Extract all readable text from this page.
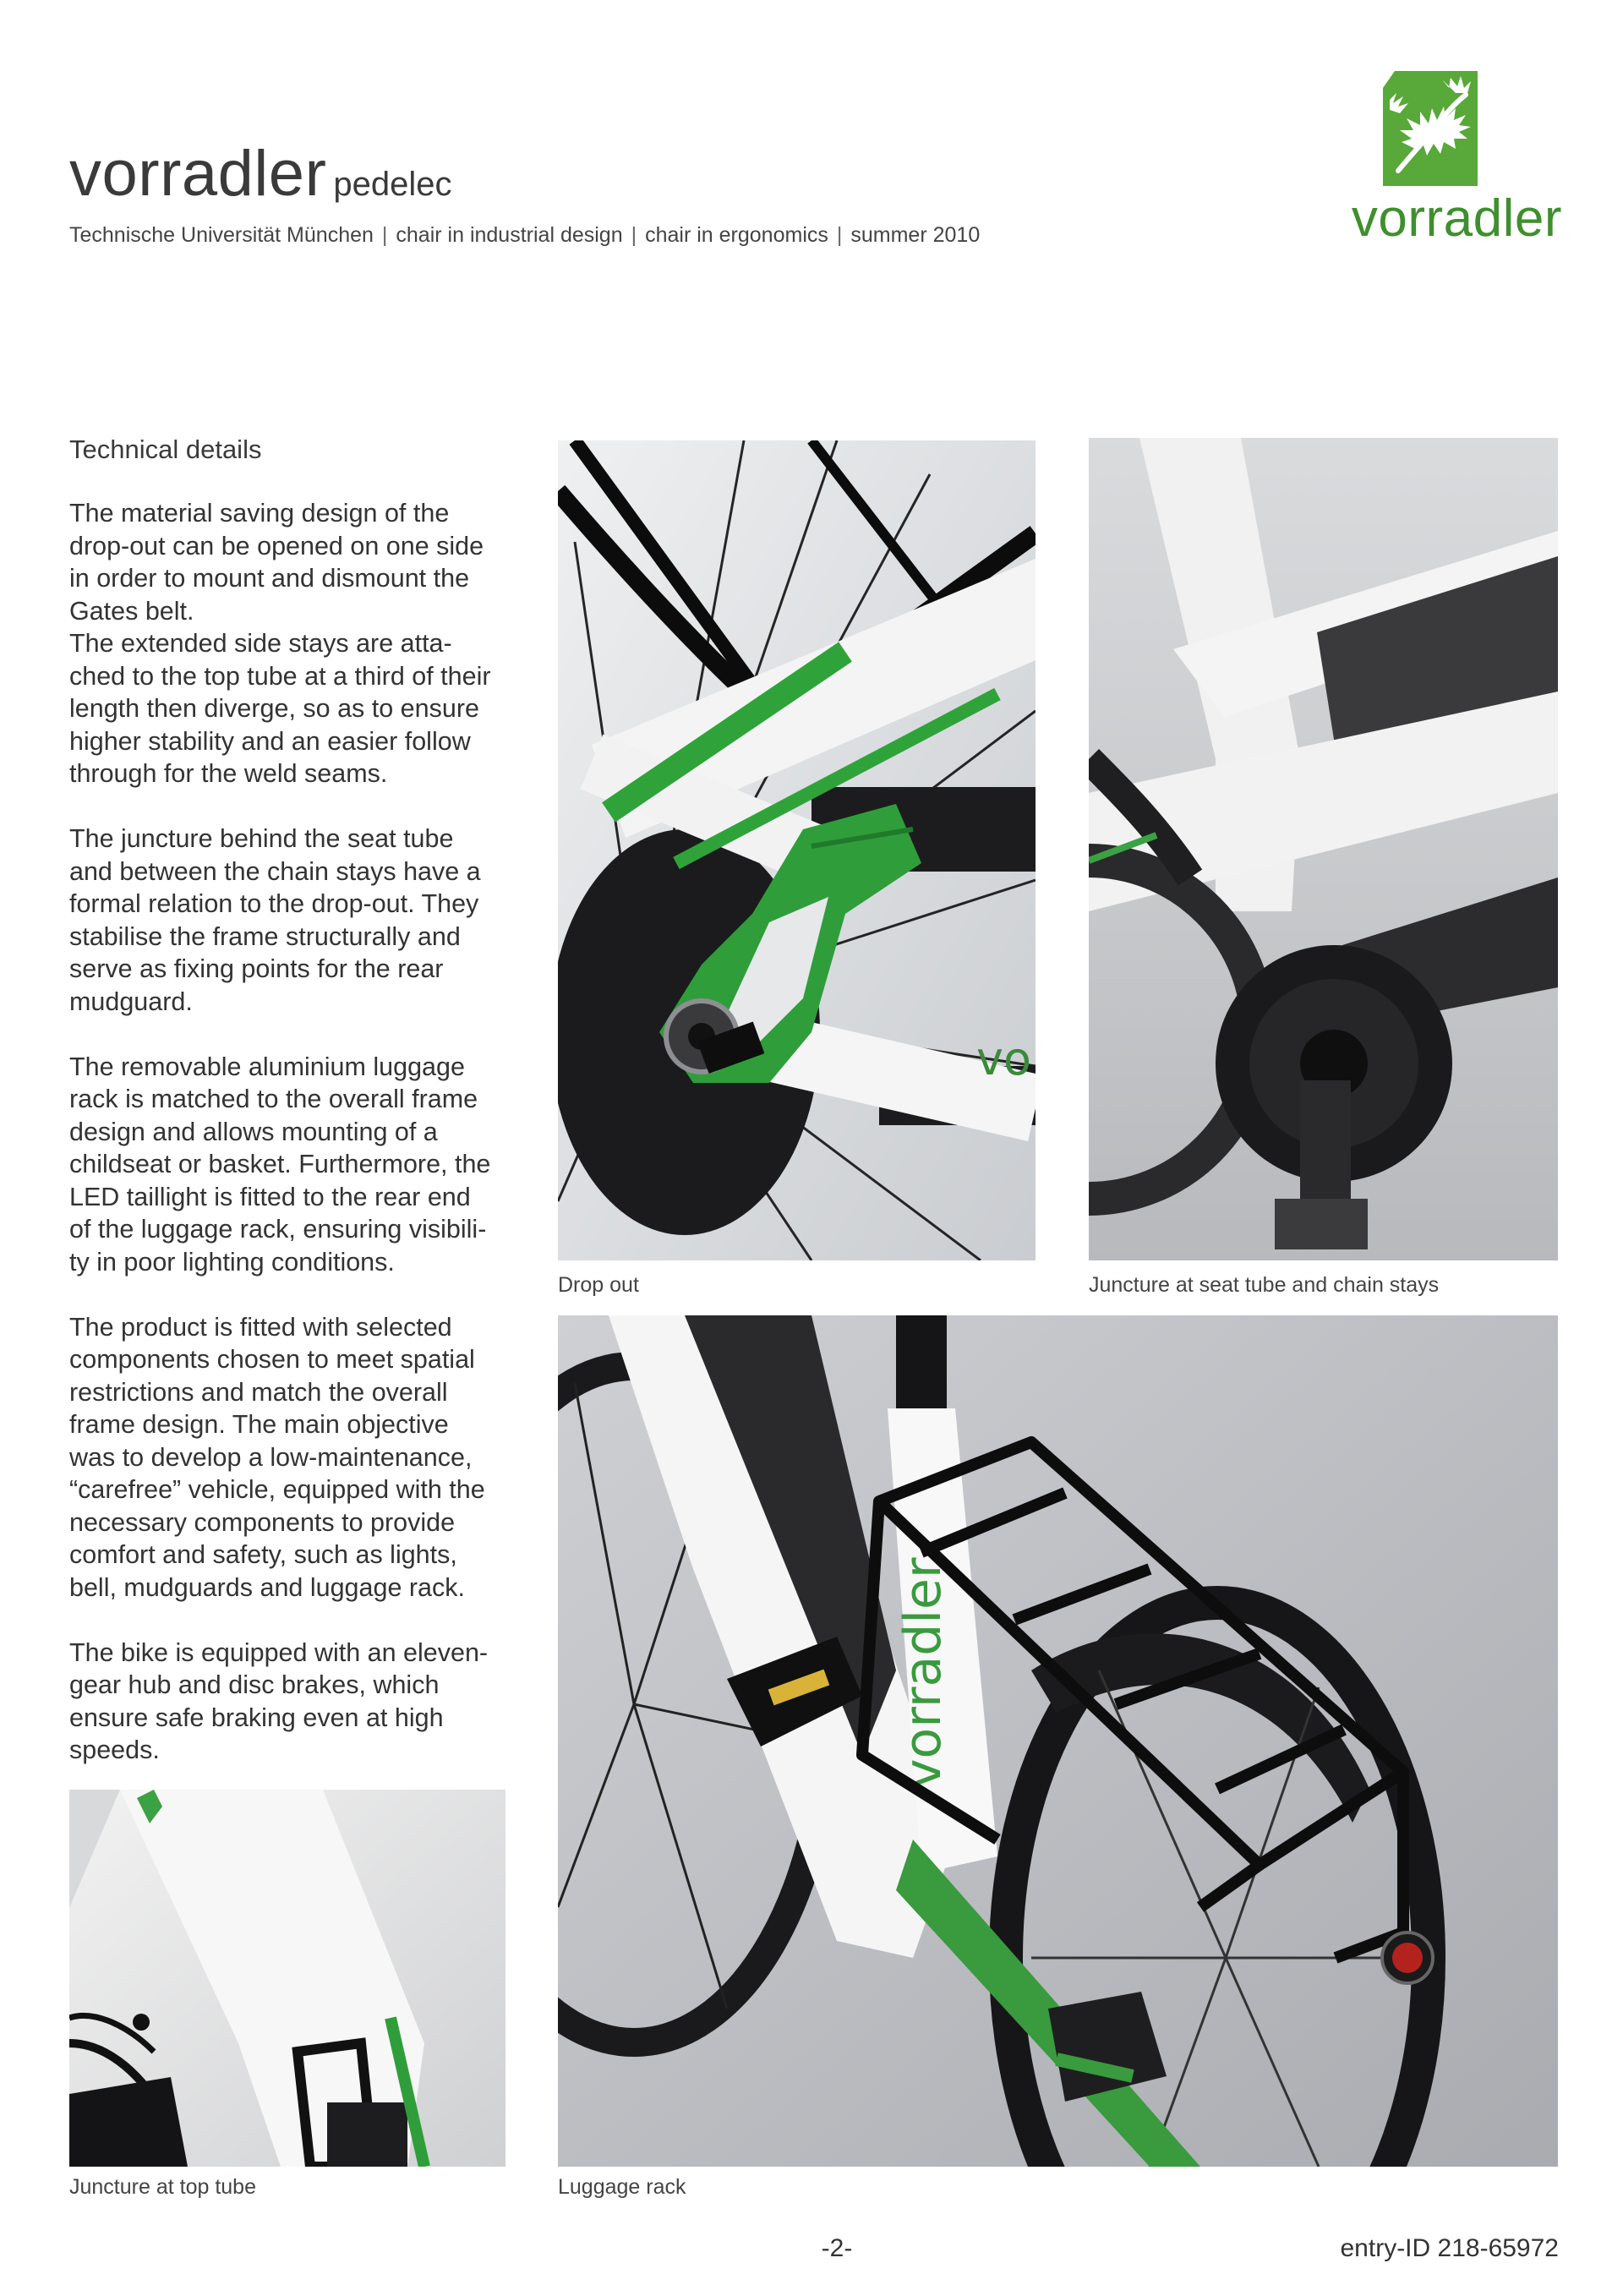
vorradler pedelec
Technische Universität München | chair in industrial design | chair in ergonomics | summer 2010	vorradler
Technical details

The material saving design of the
drop-out can be opened on one side
in order to mount and dismount the
Gates belt.
The extended side stays are atta-
ched to the top tube at a third of their
length then diverge, so as to ensure
higher stability and an easier follow
through for the weld seams.

The juncture behind the seat tube
and between the chain stays have a
formal relation to the drop-out. They
stabilise the frame structurally and
serve as fixing points for the rear
mudguard.

The removable aluminium luggage
rack is matched to the overall frame
design and allows mounting of a
childseat or basket. Furthermore, the
LED taillight is fitted to the rear end
of the luggage rack, ensuring visibili-
ty in poor lighting conditions.

The product is fitted with selected
components chosen to meet spatial
restrictions and match the overall
frame design. The main objective
was to develop a low-maintenance,
“carefree” vehicle, equipped with the
necessary components to provide
comfort and safety, such as lights,
bell, mudguards and luggage rack.

The bike is equipped with an eleven-
gear hub and disc brakes, which
ensure safe braking even at high
speeds.

vo
vorradler
Drop out	Juncture at seat tube and chain stays
Juncture at top tube	Luggage rack
-2-	entry-ID 218-65972
